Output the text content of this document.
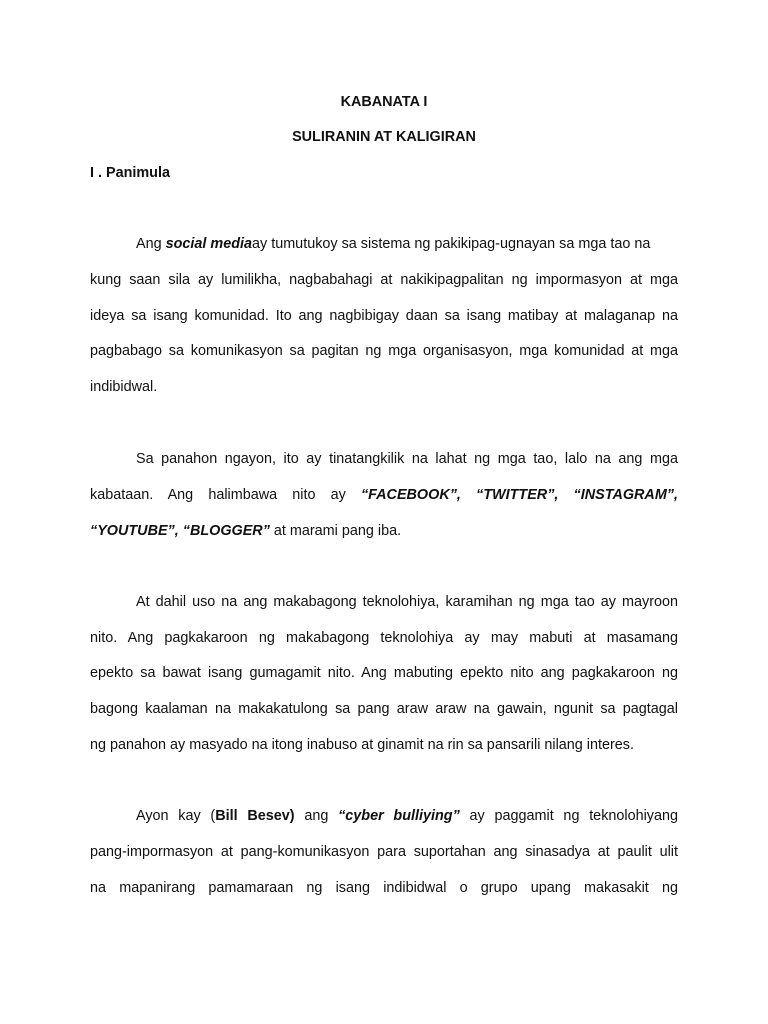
KABANATA I
SULIRANIN AT KALIGIRAN
I . Panimula
Ang social mediaay tumutukoy sa sistema ng pakikipag-ugnayan sa mga tao na
kung saan sila ay lumilikha, nagbabahagi at nakikipagpalitan ng impormasyon at mga
ideya sa isang komunidad. Ito ang nagbibigay daan sa isang matibay at malaganap na
pagbabago sa komunikasyon sa pagitan ng mga organisasyon, mga komunidad at mga
indibidwal.
Sa panahon ngayon, ito ay tinatangkilik na lahat ng mga tao, lalo na ang mga
kabataan. Ang halimbawa nito ay “FACEBOOK”, “TWITTER”, “INSTAGRAM”,
“YOUTUBE”, “BLOGGER” at marami pang iba.
At dahil uso na ang makabagong teknolohiya, karamihan ng mga tao ay mayroon
nito. Ang pagkakaroon ng makabagong teknolohiya ay may mabuti at masamang
epekto sa bawat isang gumagamit nito. Ang mabuting epekto nito ang pagkakaroon ng
bagong kaalaman na makakatulong sa pang araw araw na gawain, ngunit sa pagtagal
ng panahon ay masyado na itong inabuso at ginamit na rin sa pansarili nilang interes.
Ayon kay (Bill Besev) ang “cyber bulliying” ay paggamit ng teknolohiyang
pang-impormasyon at pang-komunikasyon para suportahan ang sinasadya at paulit ulit
na mapanirang pamamaraan ng isang indibidwal o grupo upang makasakit ng
